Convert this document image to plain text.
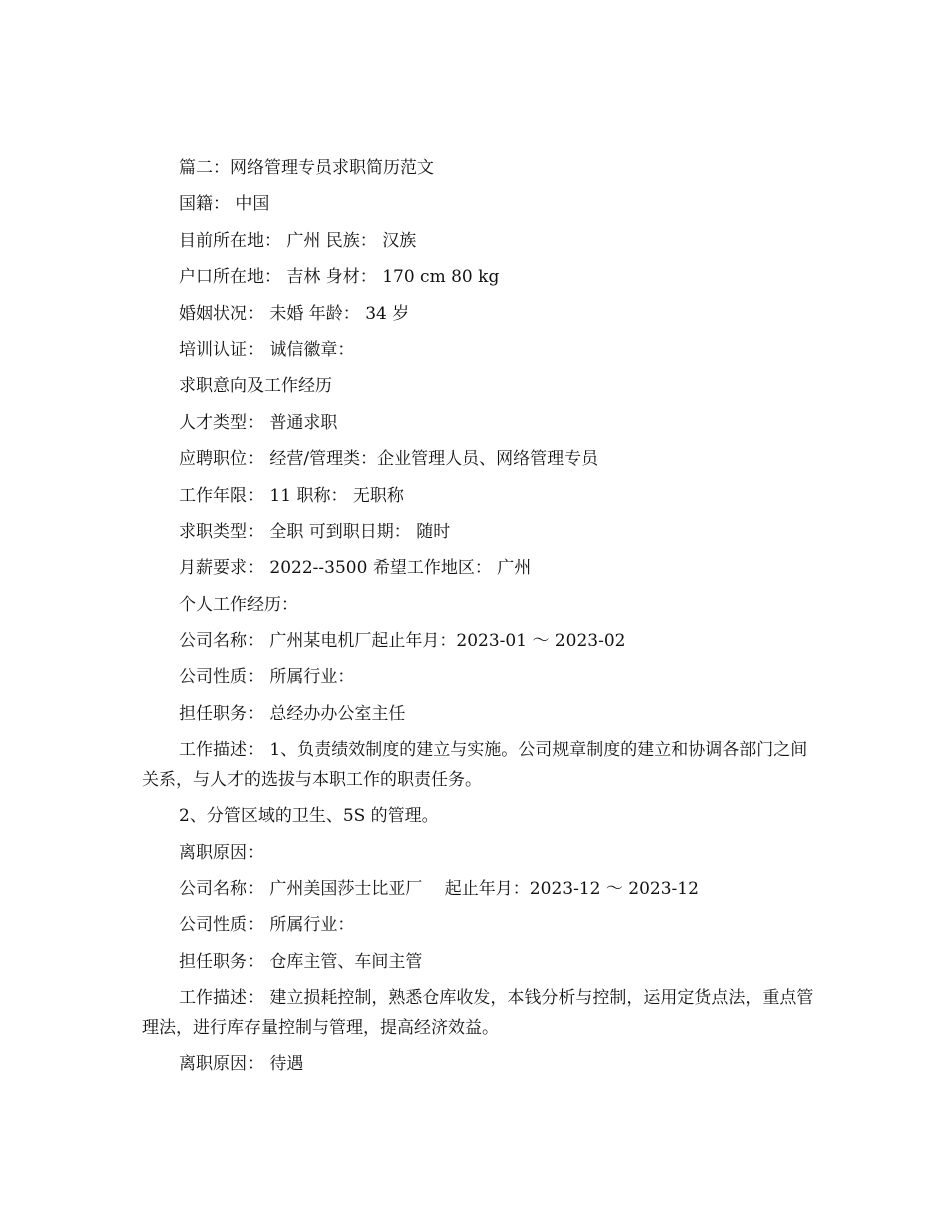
篇二：网络管理专员求职简历范文
国籍： 中国
目前所在地： 广州 民族： 汉族
户口所在地： 吉林 身材： 170 cm 80 kg
婚姻状况： 未婚 年龄： 34 岁
培训认证： 诚信徽章：
求职意向及工作经历
人才类型： 普通求职
应聘职位： 经营/管理类：企业管理人员、网络管理专员
工作年限： 11 职称： 无职称
求职类型： 全职 可到职日期： 随时
月薪要求： 2022--3500 希望工作地区： 广州
个人工作经历：
公司名称： 广州某电机厂起止年月：2023-01 ～ 2023-02
公司性质： 所属行业：
担任职务： 总经办办公室主任
工作描述： 1、负责绩效制度的建立与实施。公司规章制度的建立和协调各部门之间关系，与人才的选拔与本职工作的职责任务。
2、分管区域的卫生、5S 的管理。
离职原因：
公司名称： 广州美国莎士比亚厂　 起止年月：2023-12 ～ 2023-12
公司性质： 所属行业：
担任职务： 仓库主管、车间主管
工作描述： 建立损耗控制，熟悉仓库收发，本钱分析与控制，运用定货点法，重点管理法，进行库存量控制与管理，提高经济效益。
离职原因： 待遇
